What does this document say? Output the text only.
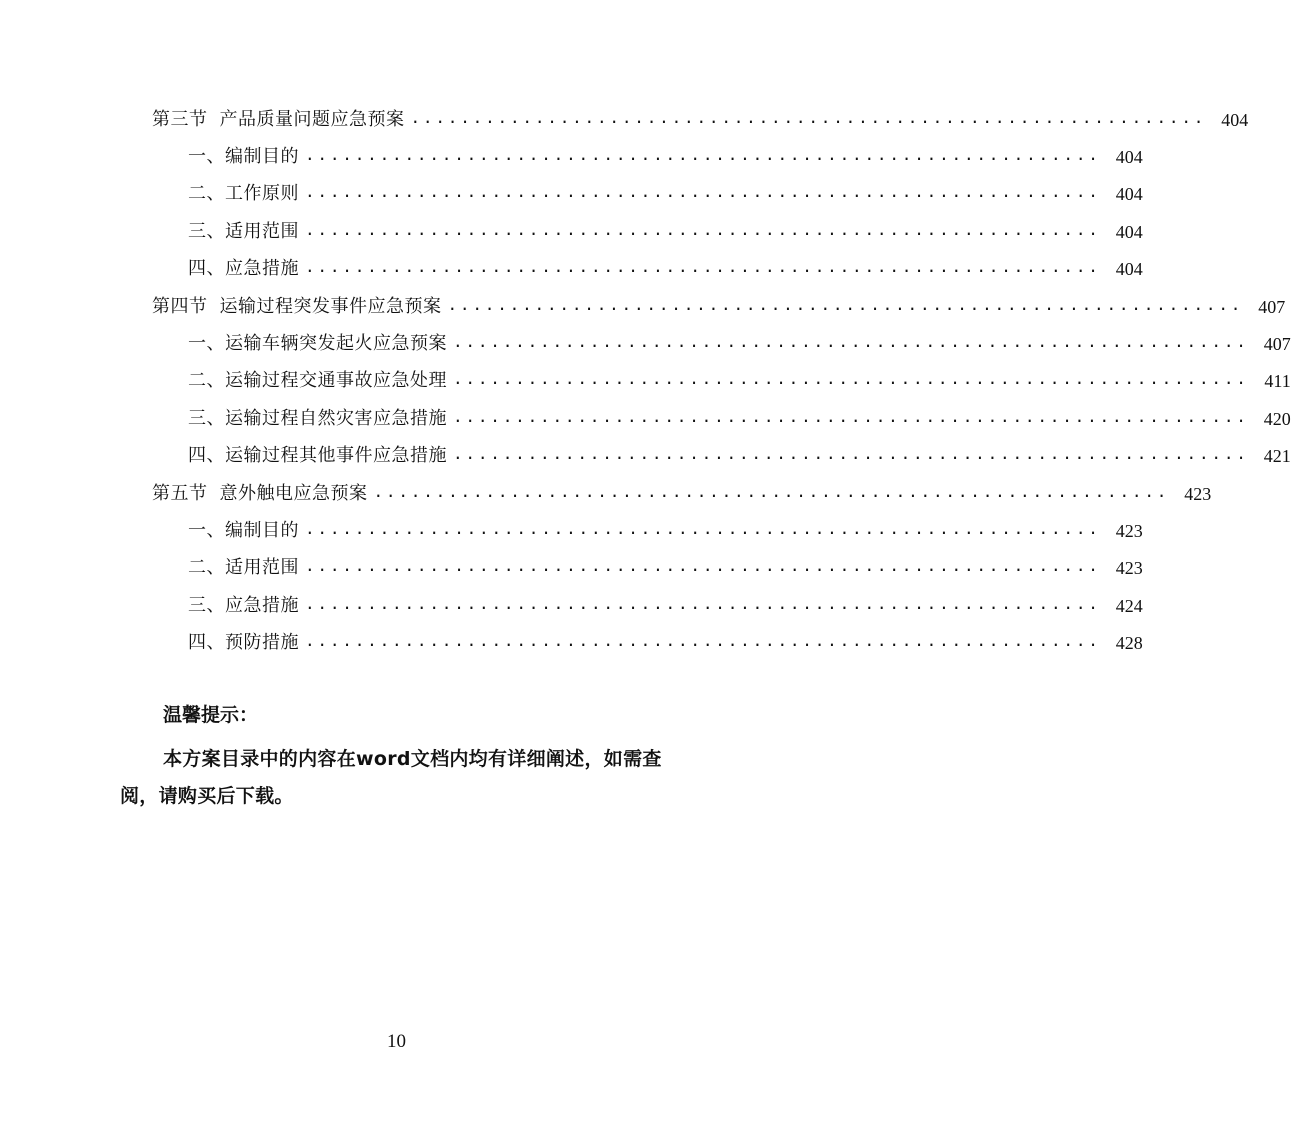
第三节 产品质量问题应急预案 ................................................................ 404
一、编制目的 ................................................................ 404
二、工作原则 ................................................................ 404
三、适用范围 ................................................................ 404
四、应急措施 ................................................................ 404
第四节 运输过程突发事件应急预案 ................................................................ 407
一、运输车辆突发起火应急预案 ................................................................ 407
二、运输过程交通事故应急处理 ................................................................ 411
三、运输过程自然灾害应急措施 ................................................................ 420
四、运输过程其他事件应急措施 ................................................................ 421
第五节 意外触电应急预案 ................................................................ 423
一、编制目的 ................................................................ 423
二、适用范围 ................................................................ 423
三、应急措施 ................................................................ 424
四、预防措施 ................................................................ 428
温馨提示：
本方案目录中的内容在word文档内均有详细阐述，如需查阅，请购买后下载。
10
